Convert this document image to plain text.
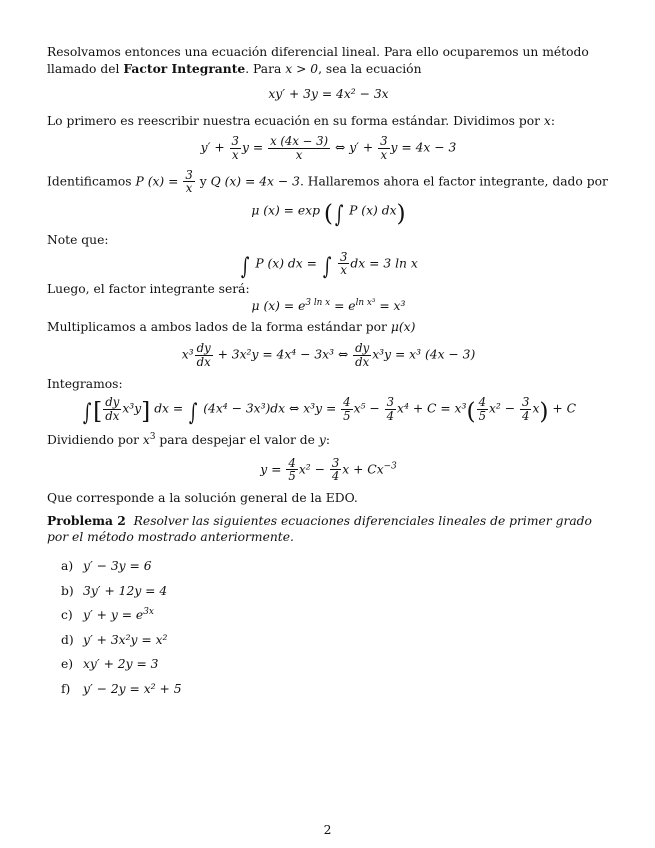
Resolvamos entonces una ecuación diferencial lineal. Para ello ocuparemos un método llamado del Factor Integrante. Para x > 0, sea la ecuación

xy′ + 3y = 4x² − 3x

Lo primero es reescribir nuestra ecuación en su forma estándar. Dividimos por x:

$y' + \frac{3}{x}$ $y = \frac{x (4x - 3)}{x}$ ⇔ $y' + \frac{3}{x}$ y = 4x − 3

Identificamos P $(x) = \frac{3}{x}$ y Q (x) = 4x − 3. Hallaremos ahora el factor integrante, dado por

μ (x) = exp (∫ P (x) dx)

Note que:

∫ P (x) dx = ∫ $\frac{3}{x}$ dx = 3 ln x

Luego, el factor integrante será:

μ $(x) = e^{3 ln x} = e^{ln x^3} = x^3$

Multiplicamos a ambos lados de la forma estándar por μ(x)

$x^3 \frac{dy}{dx} + 3x^2y = 4x^4 - 3x^3$ ⇔ $\frac{dy}{dx} x^3y = x^3$ (4x − 3)

Integramos:

∫[ $\frac{dy}{dx} x^3y$] dx = ∫ (4x⁴ − 3x³)dx ⇔ $x^3y = \frac{4}{5} x^5 - \frac{3}{4} x^4 + C = x^3( \frac{4}{5} x^2 - \frac{3}{4} x) + C$

Dividiendo por $x^3$ para despejar el valor de y:

$y = \frac{4}{5} x^2 - \frac{3}{4}$ $x + Cx^{-3}$

Que corresponde a la solución general de la EDO.

Problema 2 Resolver las siguientes ecuaciones diferenciales lineales de primer grado por el método mostrado anteriormente.

a) y′ − 3y = 6
b) 3y′ + 12y = 4
c) $y' + y = e^{3x}$
d) y′ + 3x²y = x²
e) xy′ + 2y = 3
f) y′ − 2y = x² + 5
2
